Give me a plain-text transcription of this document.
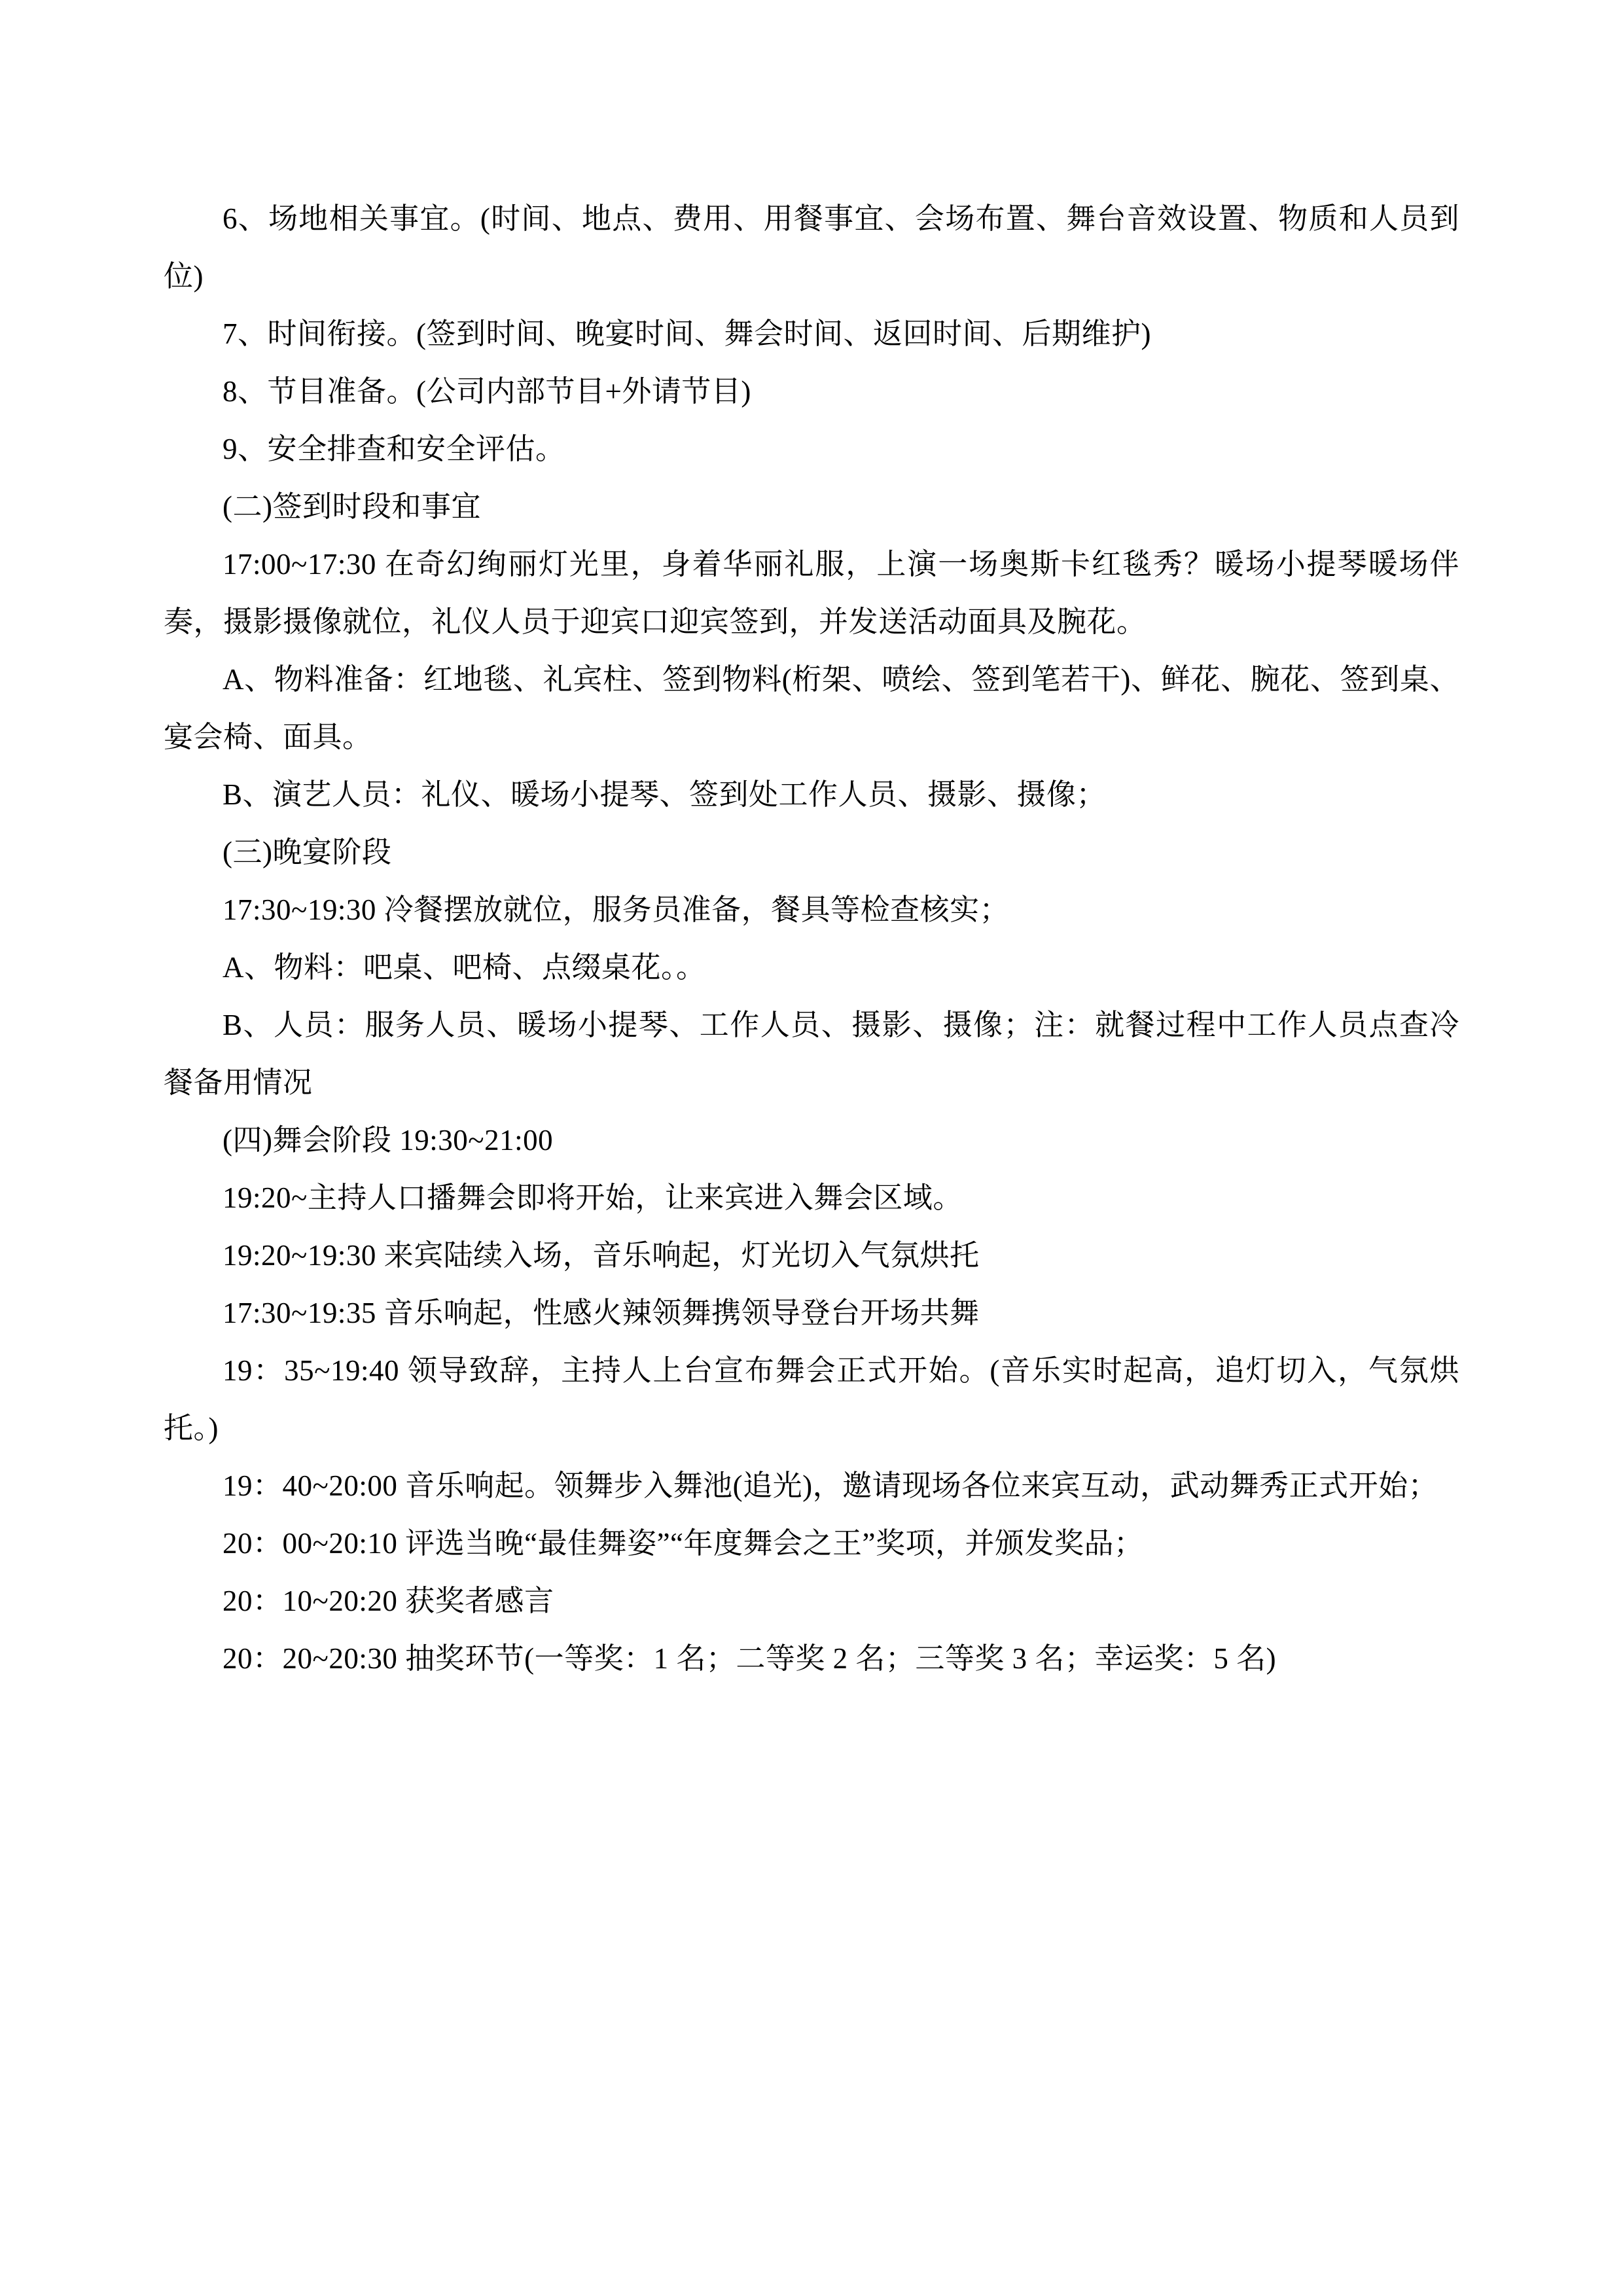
6、场地相关事宜。(时间、地点、费用、用餐事宜、会场布置、舞台音效设置、物质和人员到位)

7、时间衔接。(签到时间、晚宴时间、舞会时间、返回时间、后期维护)

8、节目准备。(公司内部节目+外请节目)

9、安全排查和安全评估。

(二)签到时段和事宜

17:00~17:30 在奇幻绚丽灯光里，身着华丽礼服，上演一场奥斯卡红毯秀？暖场小提琴暖场伴奏，摄影摄像就位，礼仪人员于迎宾口迎宾签到，并发送活动面具及腕花。

A、物料准备：红地毯、礼宾柱、签到物料(桁架、喷绘、签到笔若干)、鲜花、腕花、签到桌、宴会椅、面具。

B、演艺人员：礼仪、暖场小提琴、签到处工作人员、摄影、摄像；

(三)晚宴阶段

17:30~19:30 冷餐摆放就位，服务员准备，餐具等检查核实；

A、物料：吧桌、吧椅、点缀桌花。。

B、人员：服务人员、暖场小提琴、工作人员、摄影、摄像；注：就餐过程中工作人员点查冷餐备用情况

(四)舞会阶段 19:30~21:00

19:20~主持人口播舞会即将开始，让来宾进入舞会区域。

19:20~19:30 来宾陆续入场，音乐响起，灯光切入气氛烘托

17:30~19:35 音乐响起，性感火辣领舞携领导登台开场共舞

19：35~19:40 领导致辞，主持人上台宣布舞会正式开始。(音乐实时起高，追灯切入，气氛烘托。)

19：40~20:00 音乐响起。领舞步入舞池(追光)，邀请现场各位来宾互动，武动舞秀正式开始；

20：00~20:10 评选当晚“最佳舞姿”“年度舞会之王”奖项，并颁发奖品；

20：10~20:20 获奖者感言

20：20~20:30 抽奖环节(一等奖：1 名；二等奖 2 名；三等奖 3 名；幸运奖：5 名)
